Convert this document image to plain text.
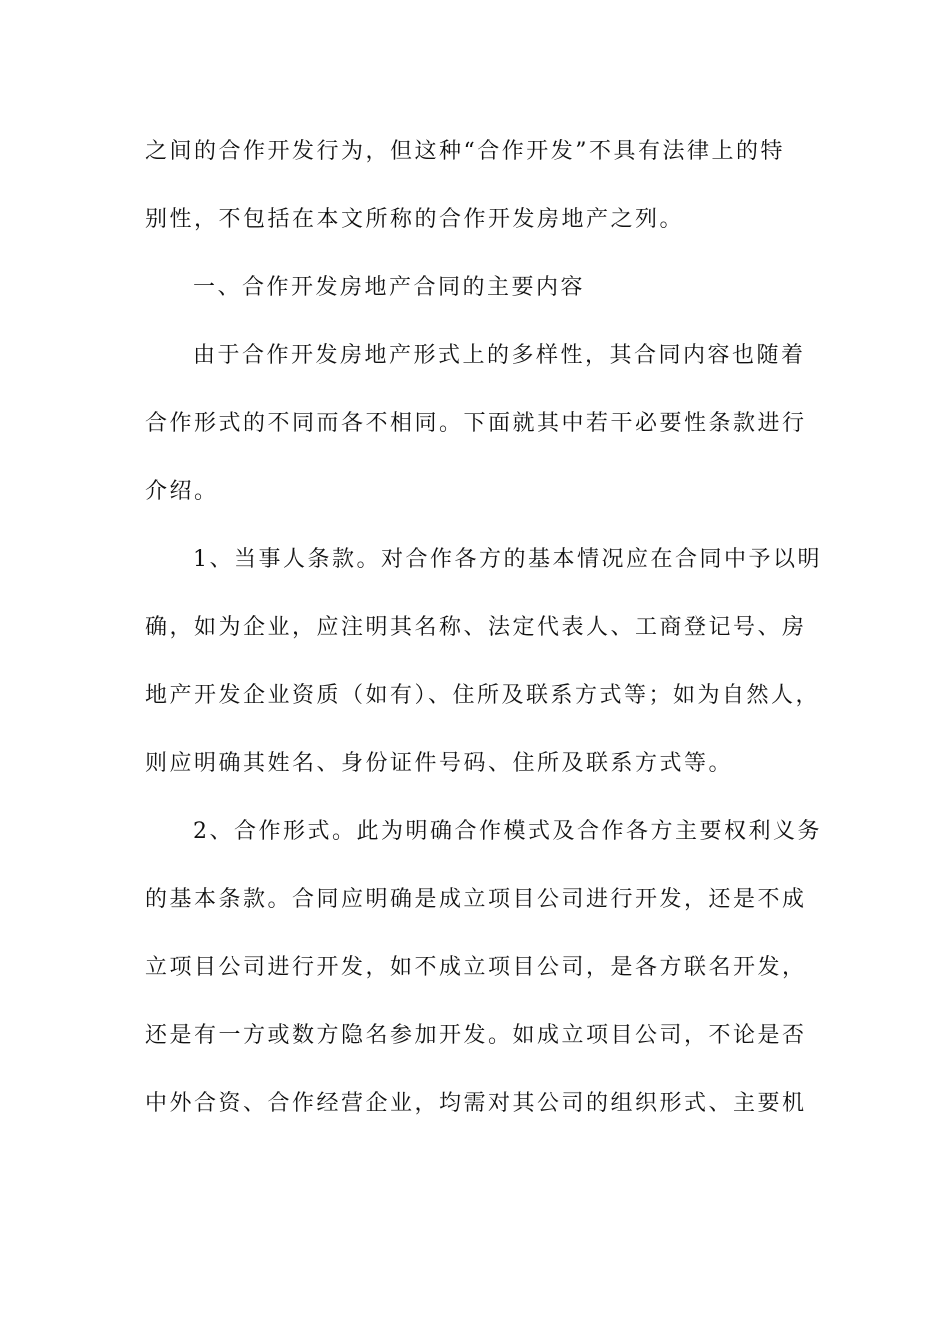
之间的合作开发行为，但这种“合作开发”不具有法律上的特
别性，不包括在本文所称的合作开发房地产之列。
一、合作开发房地产合同的主要内容
由于合作开发房地产形式上的多样性，其合同内容也随着
合作形式的不同而各不相同。下面就其中若干必要性条款进行
介绍。
1、当事人条款。对合作各方的基本情况应在合同中予以明
确，如为企业，应注明其名称、法定代表人、工商登记号、房
地产开发企业资质（如有）、住所及联系方式等；如为自然人，
则应明确其姓名、身份证件号码、住所及联系方式等。
2、合作形式。此为明确合作模式及合作各方主要权利义务
的基本条款。合同应明确是成立项目公司进行开发，还是不成
立项目公司进行开发，如不成立项目公司，是各方联名开发，
还是有一方或数方隐名参加开发。如成立项目公司，不论是否
中外合资、合作经营企业，均需对其公司的组织形式、主要机
